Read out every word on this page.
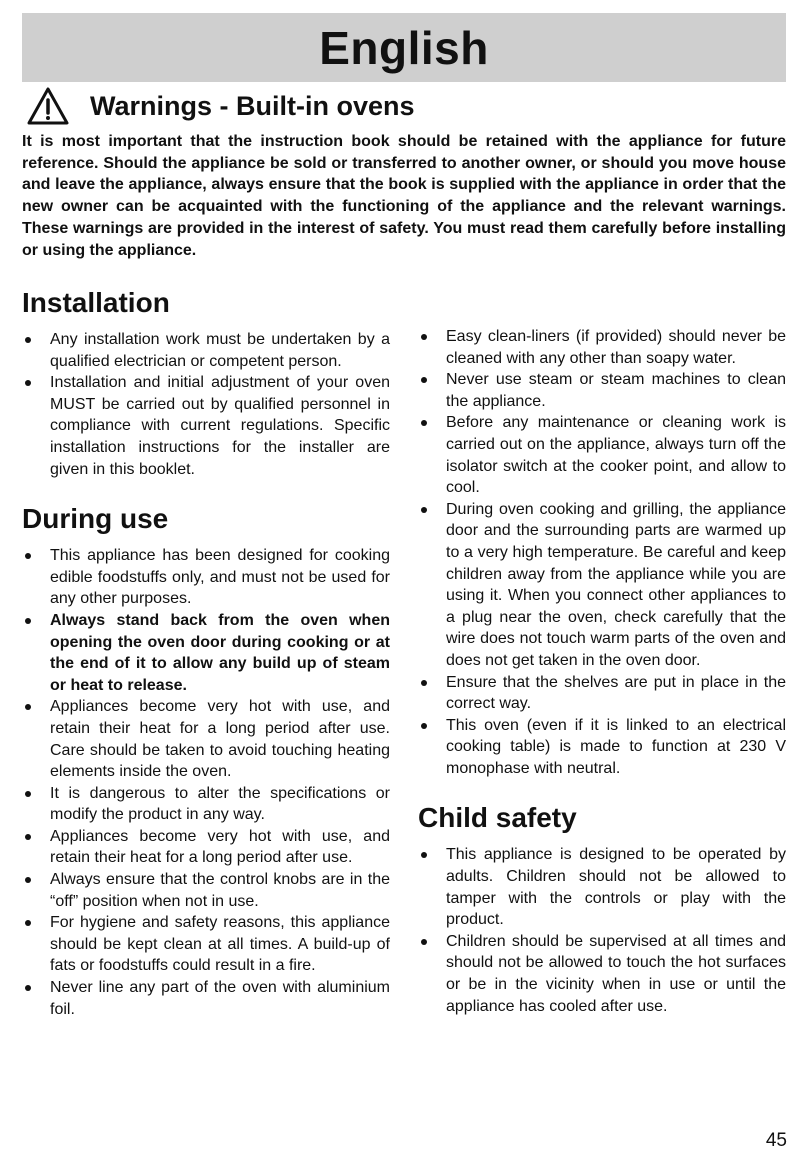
English
Warnings - Built-in ovens

It is most important that the instruction book should be retained with the appliance for future reference. Should the appliance be sold or transferred to another owner, or should you move house and leave the appliance, always ensure that the book is supplied with the appliance in order that the new owner can be acquainted with the functioning of the appliance and the relevant warnings. These warnings are provided in the interest of safety. You must read them carefully before installing or using the appliance.

Installation
Any installation work must be undertaken by a qualified electrician or competent person.
Installation and initial adjustment of your oven MUST be carried out by qualified personnel in compliance with current regulations. Specific installation instructions for the installer are given in this booklet.
During use
This appliance has been designed for cooking edible foodstuffs only, and must not be used for any other purposes.
Always stand back from the oven when opening the oven door during cooking or at the end of it to allow any build up of steam or heat to release.
Appliances become very hot with use, and retain their heat for a long period after use. Care should be taken to avoid touching heating elements inside the oven.
It is dangerous to alter the specifications or modify the product in any way.
Appliances become very hot with use, and retain their heat for a long period after use.
Always ensure that the control knobs are in the “off” position when not in use.
For hygiene and safety reasons, this appliance should be kept clean at all times. A build-up of fats or foodstuffs could result in a fire.
Never line any part of the oven with aluminium foil.
Easy clean-liners (if provided) should never be cleaned with any other than soapy water.
Never use steam or steam machines to clean the appliance.
Before any maintenance or cleaning work is carried out on the appliance, always turn off the isolator switch at the cooker point, and allow to cool.
During oven cooking and grilling, the appliance door and the surrounding parts are warmed up to a very high temperature. Be careful and keep children away from the appliance while you are using it. When you connect other appliances to a plug near the oven, check carefully that the wire does not touch warm parts of the oven and does not get taken in the oven door.
Ensure that the shelves are put in place in the correct way.
This oven (even if it is linked to an electrical cooking table) is made to function at 230 V monophase with neutral.
Child safety
This appliance is designed to be operated by adults. Children should not be allowed to tamper with the controls or play with the product.
Children should be supervised at all times and should not be allowed to touch the hot surfaces or be in the vicinity when in use or until the appliance has cooled after use.
45
